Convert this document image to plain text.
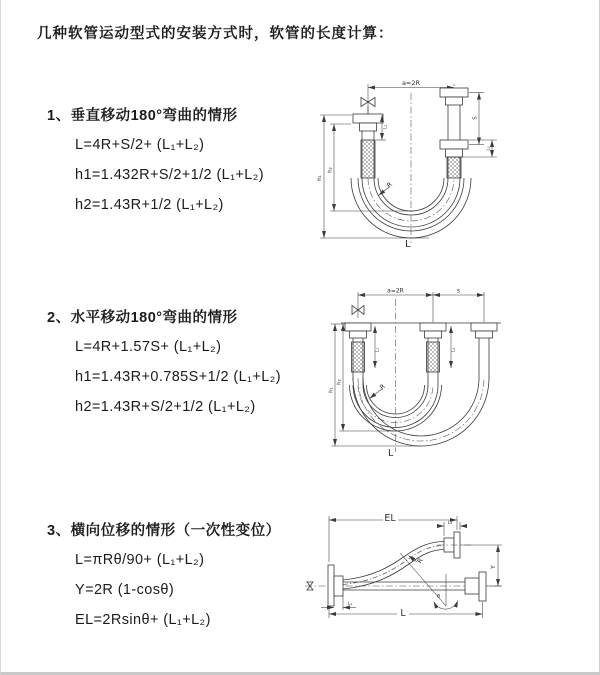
几种软管运动型式的安装方式时，软管的长度计算：
1、垂直移动180°弯曲的情形
L=4R+S/2+ (L₁+L₂)
h1=1.432R+S/2+1/2 (L₁+L₂)
h2=1.43R+1/2 (L₁+L₂)
2、水平移动180°弯曲的情形
L=4R+1.57S+ (L₁+L₂)
h1=1.43R+0.785S+1/2 (L₁+L₂)
h2=1.43R+S/2+1/2 (L₁+L₂)
3、横向位移的情形（一次性变位）
L=πRθ/90+ (L₁+L₂)
Y=2R (1-cosθ)
EL=2Rsinθ+ (L₁+L₂)
a=2R
h₁
h₂
L₁
S
L₂
R
L
a=2R	s
h₁
h₂
L₁	L₂
R
L
EL	L₂
Y
L
L₁
R
θ
